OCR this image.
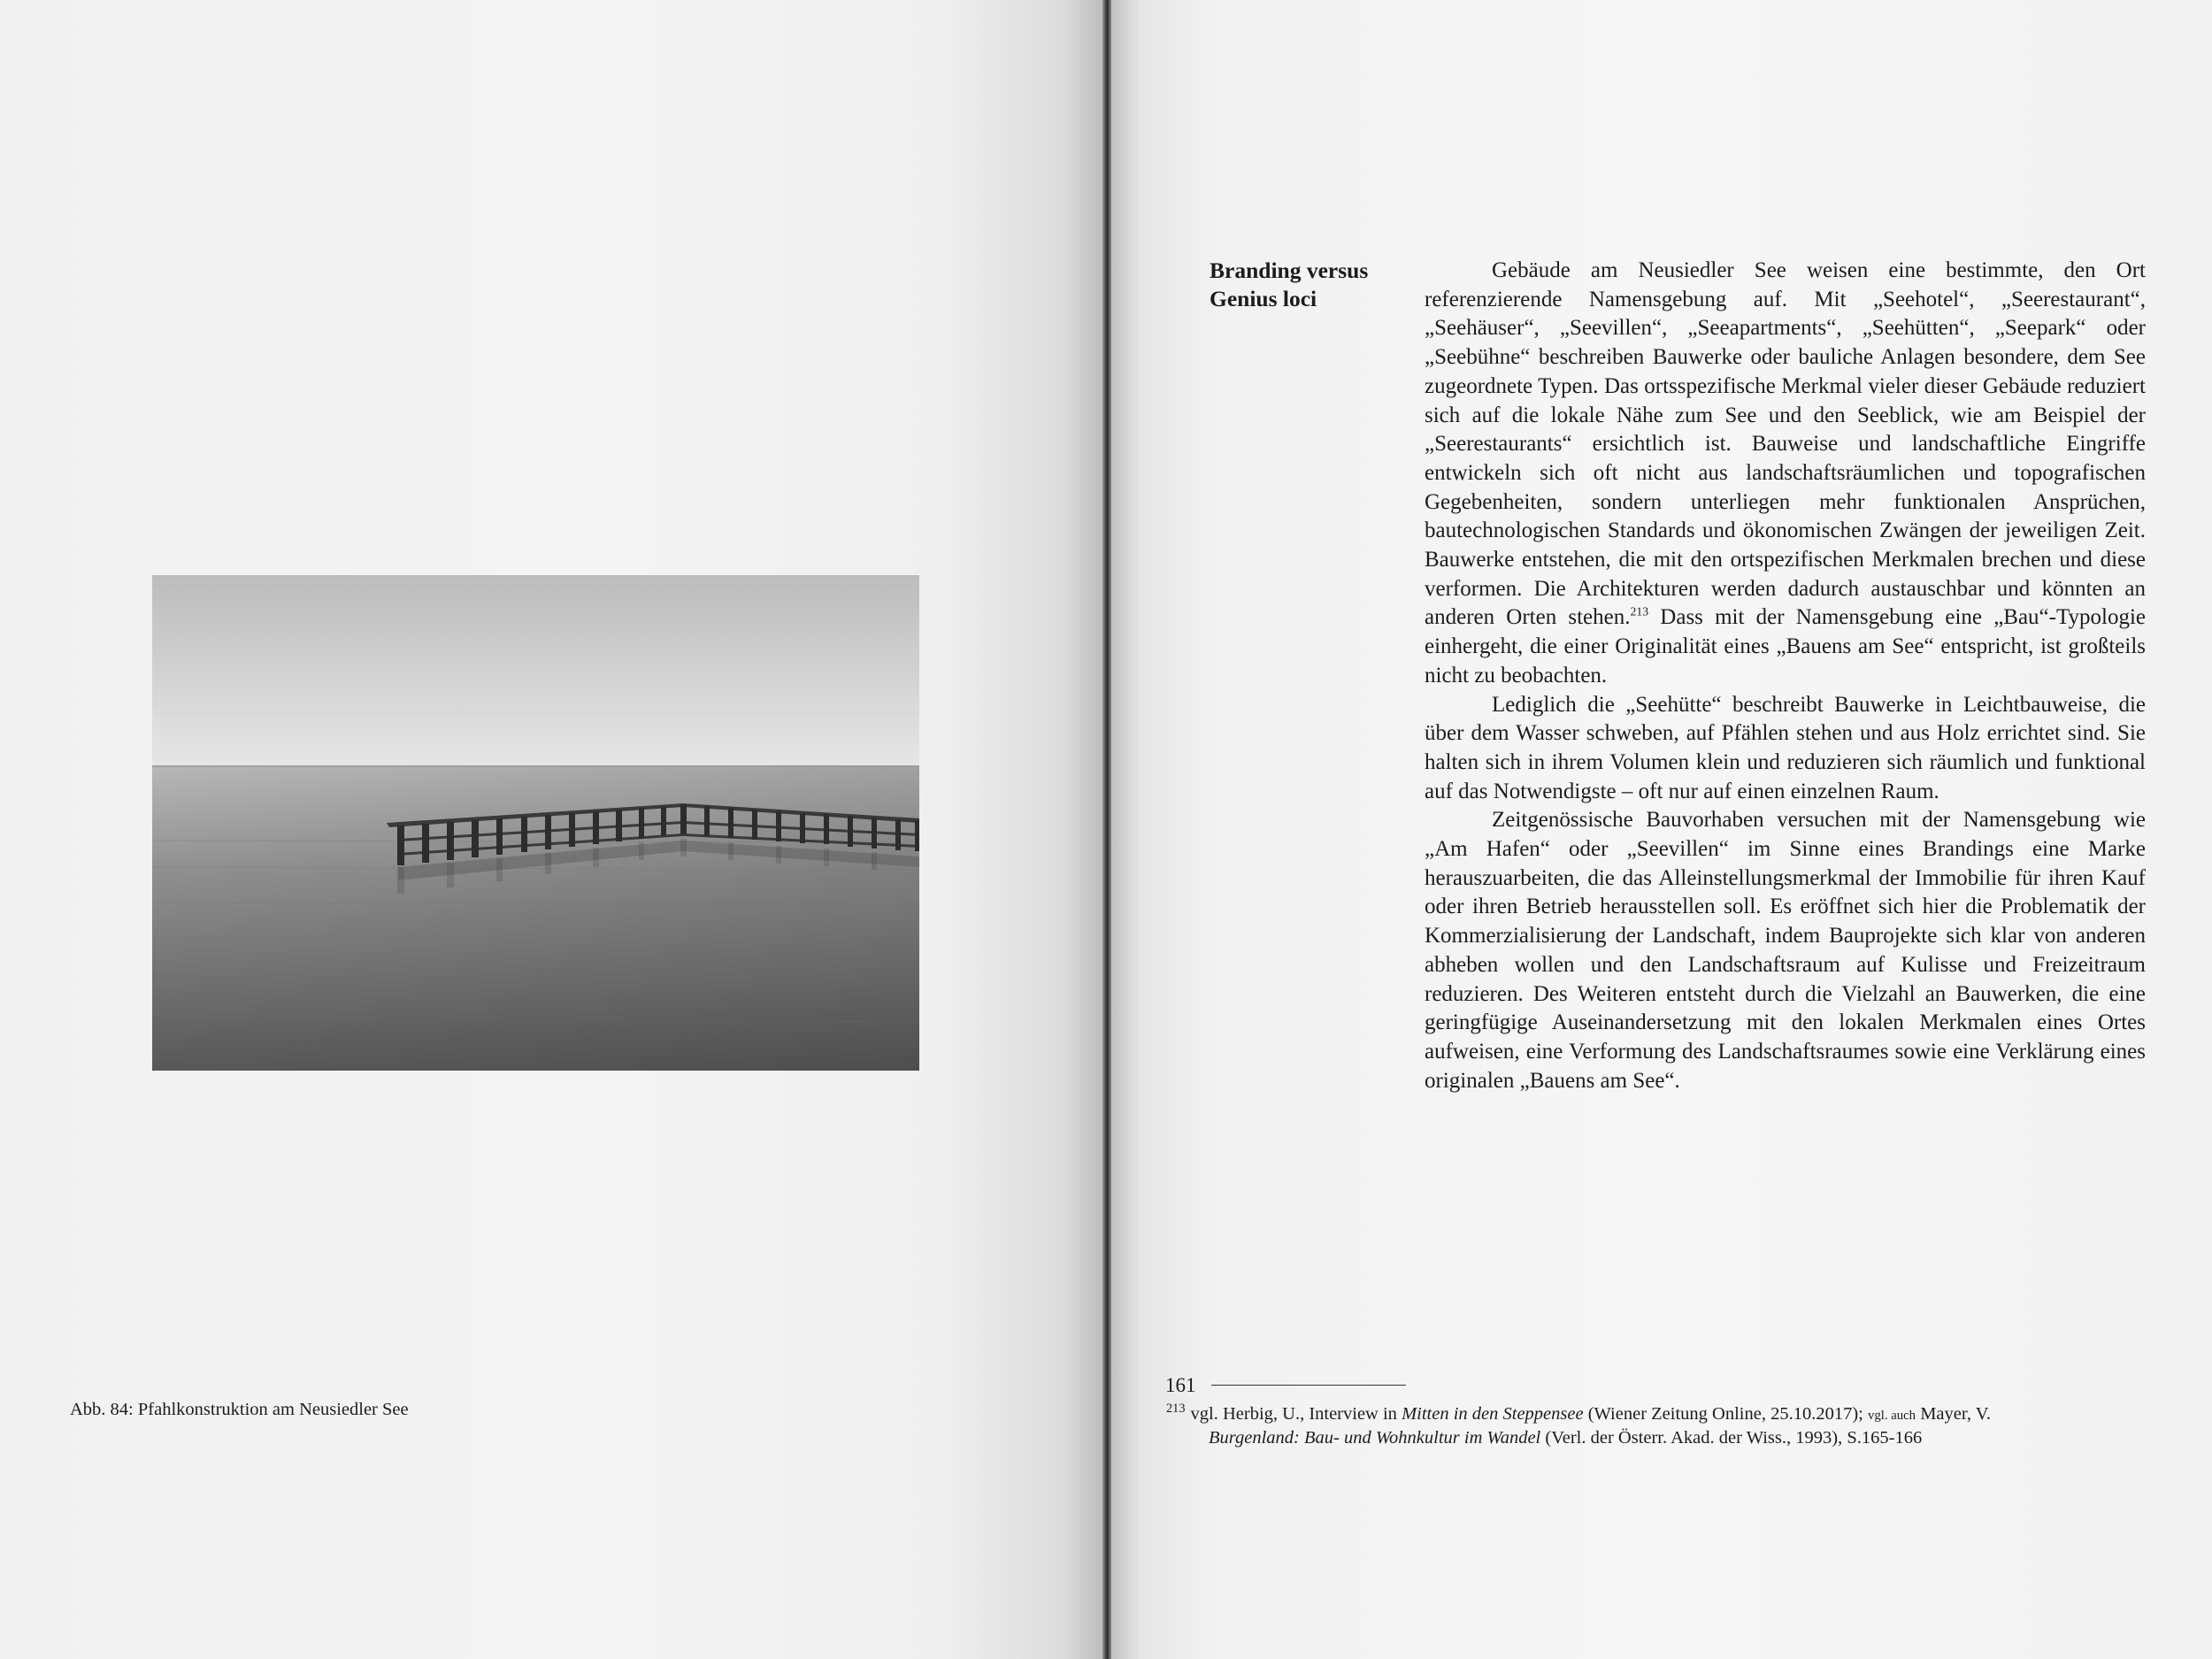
Abb. 84: Pfahlkonstruktion am Neusiedler See
Branding versus
Genius loci

Gebäude am Neusiedler See weisen eine bestimmte, den Ort referenzierende Namensgebung auf. Mit „Seehotel“, „Seerestaurant“, „Seehäuser“, „Seevillen“, „Seeapartments“, „Seehütten“, „Seepark“ oder „Seebühne“ beschreiben Bauwerke oder bauliche Anlagen besondere, dem See zugeordnete Typen. Das ortsspezifische Merkmal vieler dieser Gebäude reduziert sich auf die lokale Nähe zum See und den Seeblick, wie am Beispiel der „Seerestaurants“ ersichtlich ist. Bauweise und landschaftliche Eingriffe entwickeln sich oft nicht aus landschaftsräumlichen und topografischen Gegebenheiten, sondern unterliegen mehr funktionalen Ansprüchen, bautechnologischen Standards und ökonomischen Zwängen der jeweiligen Zeit. Bauwerke entstehen, die mit den ortspezifischen Merkmalen brechen und diese verformen. Die Architekturen werden dadurch austauschbar und könnten an anderen Orten stehen.$^{213}$ Dass mit der Namensgebung eine „Bau“-Typologie einhergeht, die einer Originalität eines „Bauens am See“ entspricht, ist großteils nicht zu beobachten.

Lediglich die „Seehütte“ beschreibt Bauwerke in Leichtbauweise, die über dem Wasser schweben, auf Pfählen stehen und aus Holz errichtet sind. Sie halten sich in ihrem Volumen klein und reduzieren sich räumlich und funktional auf das Notwendigste – oft nur auf einen einzelnen Raum.

Zeitgenössische Bauvorhaben versuchen mit der Namensgebung wie „Am Hafen“ oder „Seevillen“ im Sinne eines Brandings eine Marke herauszuarbeiten, die das Alleinstellungsmerkmal der Immobilie für ihren Kauf oder ihren Betrieb herausstellen soll. Es eröffnet sich hier die Problematik der Kommerzialisierung der Landschaft, indem Bauprojekte sich klar von anderen abheben wollen und den Landschaftsraum auf Kulisse und Freizeitraum reduzieren. Des Weiteren entsteht durch die Vielzahl an Bauwerken, die eine geringfügige Auseinandersetzung mit den lokalen Merkmalen eines Ortes aufweisen, eine Verformung des Landschaftsraumes sowie eine Verklärung eines originalen „Bauens am See“.

161
$^{213}$ vgl. Herbig, U., Interview in Mitten in den Steppensee (Wiener Zeitung Online, 25.10.2017); vgl. auch Mayer, V.
Burgenland: Bau- und Wohnkultur im Wandel (Verl. der Österr. Akad. der Wiss., 1993), S.165-166
